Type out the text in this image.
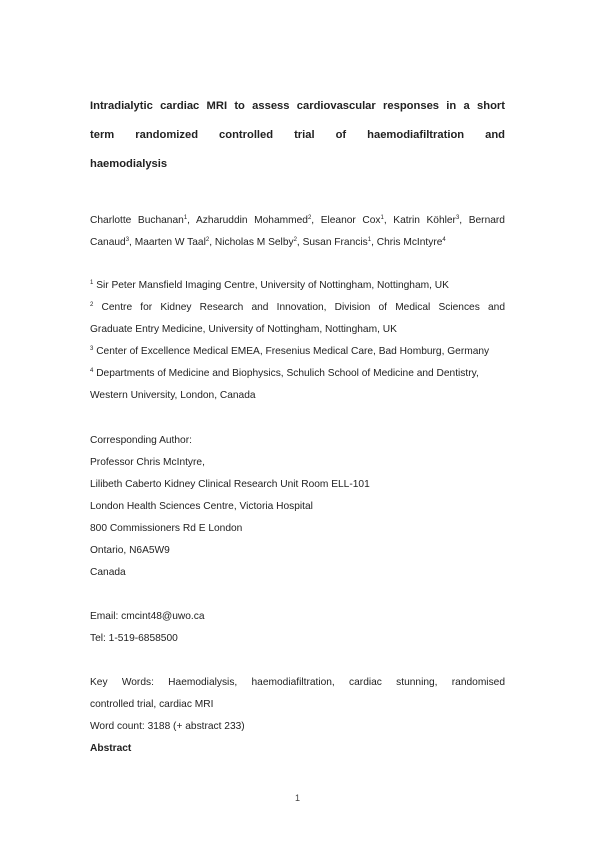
Intradialytic cardiac MRI to assess cardiovascular responses in a short
term randomized controlled trial of haemodiafiltration and
haemodialysis
Charlotte Buchanan$^1$, Azharuddin Mohammed$^2$, Eleanor Cox$^1$, Katrin Köhler$^3$, Bernard
Canaud$^3$, Maarten W Taal$^2$, Nicholas M Selby$^2$, Susan Francis$^1$, Chris McIntyre$^4$
$^1$ Sir Peter Mansfield Imaging Centre, University of Nottingham, Nottingham, UK
$^2$ Centre for Kidney Research and Innovation, Division of Medical Sciences and
Graduate Entry Medicine, University of Nottingham, Nottingham, UK
$^3$ Center of Excellence Medical EMEA, Fresenius Medical Care, Bad Homburg, Germany
$^4$ Departments of Medicine and Biophysics, Schulich School of Medicine and Dentistry,
Western University, London, Canada
Corresponding Author:
Professor Chris McIntyre,
Lilibeth Caberto Kidney Clinical Research Unit Room ELL-101
London Health Sciences Centre, Victoria Hospital
800 Commissioners Rd E London
Ontario, N6A5W9
Canada
Email: cmcint48@uwo.ca
Tel: 1-519-6858500
Key Words: Haemodialysis, haemodiafiltration, cardiac stunning, randomised
controlled trial, cardiac MRI
Word count: 3188 (+ abstract 233)
Abstract
1
